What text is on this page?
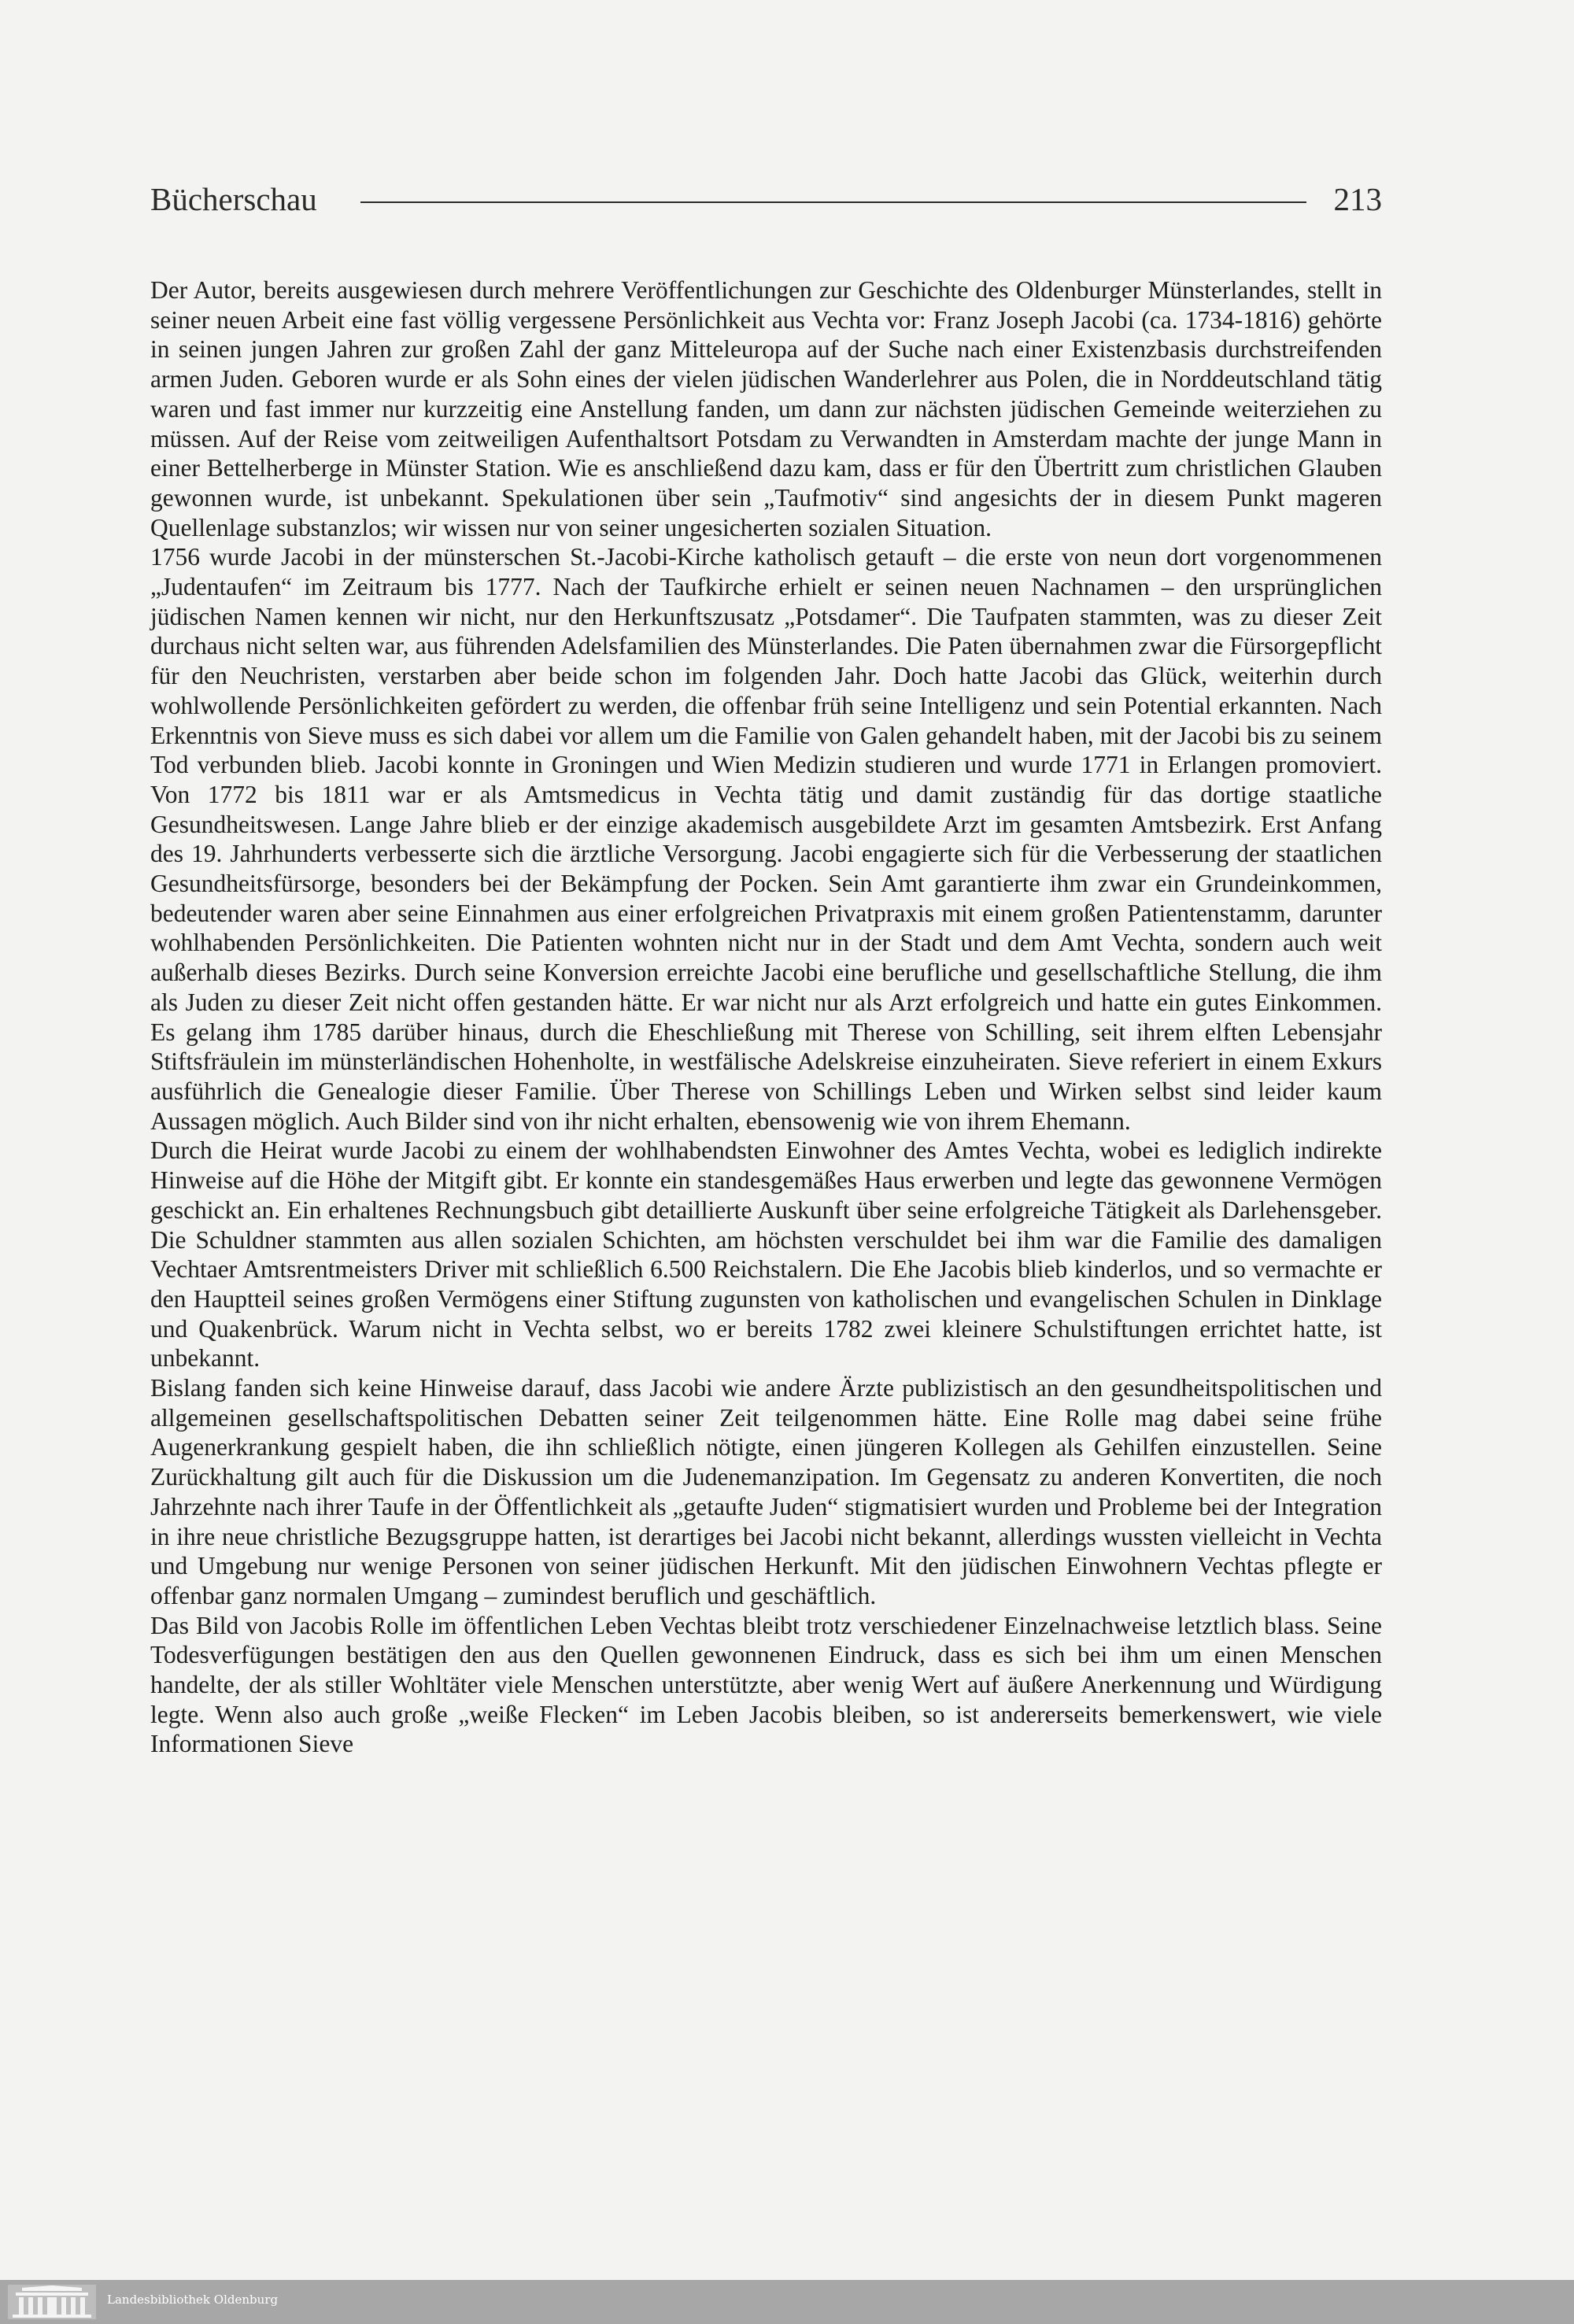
Bücherschau	213

Der Autor, bereits ausgewiesen durch mehrere Veröffentlichungen zur Geschichte des Oldenburger Münsterlandes, stellt in seiner neuen Arbeit eine fast völlig vergessene Persönlichkeit aus Vechta vor: Franz Joseph Jacobi (ca. 1734-1816) gehörte in seinen jungen Jahren zur großen Zahl der ganz Mitteleuropa auf der Suche nach einer Existenzbasis durchstreifenden armen Juden. Geboren wurde er als Sohn eines der vielen jüdischen Wanderlehrer aus Polen, die in Norddeutschland tätig waren und fast immer nur kurzzeitig eine Anstellung fanden, um dann zur nächsten jüdischen Gemeinde weiterziehen zu müssen. Auf der Reise vom zeitweiligen Aufenthaltsort Potsdam zu Verwandten in Amsterdam machte der junge Mann in einer Bettelherberge in Münster Station. Wie es anschließend dazu kam, dass er für den Übertritt zum christlichen Glauben gewonnen wurde, ist unbekannt. Spekulationen über sein „Taufmotiv“ sind angesichts der in diesem Punkt mageren Quellenlage substanzlos; wir wissen nur von seiner ungesicherten sozialen Situation.

1756 wurde Jacobi in der münsterschen St.-Jacobi-Kirche katholisch getauft – die erste von neun dort vorgenommenen „Judentaufen“ im Zeitraum bis 1777. Nach der Taufkirche erhielt er seinen neuen Nachnamen – den ursprünglichen jüdischen Namen kennen wir nicht, nur den Herkunftszusatz „Potsdamer“. Die Taufpaten stammten, was zu dieser Zeit durchaus nicht selten war, aus führenden Adelsfamilien des Münsterlandes. Die Paten übernahmen zwar die Fürsorgepflicht für den Neuchristen, verstarben aber beide schon im folgenden Jahr. Doch hatte Jacobi das Glück, weiterhin durch wohlwollende Persönlichkeiten gefördert zu werden, die offenbar früh seine Intelligenz und sein Potential erkannten. Nach Erkenntnis von Sieve muss es sich dabei vor allem um die Familie von Galen gehandelt haben, mit der Jacobi bis zu seinem Tod verbunden blieb. Jacobi konnte in Groningen und Wien Medizin studieren und wurde 1771 in Erlangen promoviert. Von 1772 bis 1811 war er als Amtsmedicus in Vechta tätig und damit zuständig für das dortige staatliche Gesundheitswesen. Lange Jahre blieb er der einzige akademisch ausgebildete Arzt im gesamten Amtsbezirk. Erst Anfang des 19. Jahrhunderts verbesserte sich die ärztliche Versorgung. Jacobi engagierte sich für die Verbesserung der staatlichen Gesundheitsfürsorge, besonders bei der Bekämpfung der Pocken. Sein Amt garantierte ihm zwar ein Grundeinkommen, bedeutender waren aber seine Einnahmen aus einer erfolgreichen Privatpraxis mit einem großen Patientenstamm, darunter wohlhabenden Persönlichkeiten. Die Patienten wohnten nicht nur in der Stadt und dem Amt Vechta, sondern auch weit außerhalb dieses Bezirks. Durch seine Konversion erreichte Jacobi eine berufliche und gesellschaftliche Stellung, die ihm als Juden zu dieser Zeit nicht offen gestanden hätte. Er war nicht nur als Arzt erfolgreich und hatte ein gutes Einkommen. Es gelang ihm 1785 darüber hinaus, durch die Eheschließung mit Therese von Schilling, seit ihrem elften Lebensjahr Stiftsfräulein im münsterländischen Hohenholte, in westfälische Adelskreise einzuheiraten. Sieve referiert in einem Exkurs ausführlich die Genealogie dieser Familie. Über Therese von Schillings Leben und Wirken selbst sind leider kaum Aussagen möglich. Auch Bilder sind von ihr nicht erhalten, ebensowenig wie von ihrem Ehemann.

Durch die Heirat wurde Jacobi zu einem der wohlhabendsten Einwohner des Amtes Vechta, wobei es lediglich indirekte Hinweise auf die Höhe der Mitgift gibt. Er konnte ein standesgemäßes Haus erwerben und legte das gewonnene Vermögen geschickt an. Ein erhaltenes Rechnungsbuch gibt detaillierte Auskunft über seine erfolgreiche Tätigkeit als Darlehensgeber. Die Schuldner stammten aus allen sozialen Schichten, am höchsten verschuldet bei ihm war die Familie des damaligen Vechtaer Amtsrentmeisters Driver mit schließlich 6.500 Reichstalern. Die Ehe Jacobis blieb kinderlos, und so vermachte er den Hauptteil seines großen Vermögens einer Stiftung zugunsten von katholischen und evangelischen Schulen in Dinklage und Quakenbrück. Warum nicht in Vechta selbst, wo er bereits 1782 zwei kleinere Schulstiftungen errichtet hatte, ist unbekannt.

Bislang fanden sich keine Hinweise darauf, dass Jacobi wie andere Ärzte publizistisch an den gesundheitspolitischen und allgemeinen gesellschaftspolitischen Debatten seiner Zeit teilgenommen hätte. Eine Rolle mag dabei seine frühe Augenerkrankung gespielt haben, die ihn schließlich nötigte, einen jüngeren Kollegen als Gehilfen einzustellen. Seine Zurückhaltung gilt auch für die Diskussion um die Judenemanzipation. Im Gegensatz zu anderen Konvertiten, die noch Jahrzehnte nach ihrer Taufe in der Öffentlichkeit als „getaufte Juden“ stigmatisiert wurden und Probleme bei der Integration in ihre neue christliche Bezugsgruppe hatten, ist derartiges bei Jacobi nicht bekannt, allerdings wussten vielleicht in Vechta und Umgebung nur wenige Personen von seiner jüdischen Herkunft. Mit den jüdischen Einwohnern Vechtas pflegte er offenbar ganz normalen Umgang – zumindest beruflich und geschäftlich.

Das Bild von Jacobis Rolle im öffentlichen Leben Vechtas bleibt trotz verschiedener Einzelnachweise letztlich blass. Seine Todesverfügungen bestätigen den aus den Quellen gewonnenen Eindruck, dass es sich bei ihm um einen Menschen handelte, der als stiller Wohltäter viele Menschen unterstützte, aber wenig Wert auf äußere Anerkennung und Würdigung legte. Wenn also auch große „weiße Flecken“ im Leben Jacobis bleiben, so ist andererseits bemerkenswert, wie viele Informationen Sieve

Landesbibliothek Oldenburg
